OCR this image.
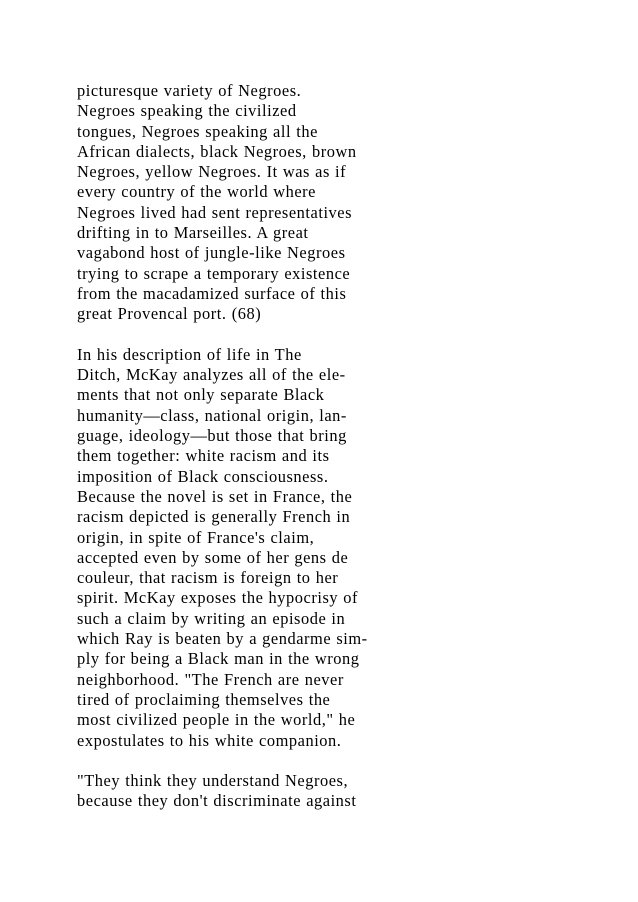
picturesque variety of Negroes.
Negroes speaking the civilized
tongues, Negroes speaking all the
African dialects, black Negroes, brown
Negroes, yellow Negroes. It was as if
every country of the world where
Negroes lived had sent representatives
drifting in to Marseilles. A great
vagabond host of jungle-like Negroes
trying to scrape a temporary existence
from the macadamized surface of this
great Provencal port. (68)
In his description of life in The
Ditch, McKay analyzes all of the ele-
ments that not only separate Black
humanity—class, national origin, lan-
guage, ideology—but those that bring
them together: white racism and its
imposition of Black consciousness.
Because the novel is set in France, the
racism depicted is generally French in
origin, in spite of France's claim,
accepted even by some of her gens de
couleur, that racism is foreign to her
spirit. McKay exposes the hypocrisy of
such a claim by writing an episode in
which Ray is beaten by a gendarme sim-
ply for being a Black man in the wrong
neighborhood. "The French are never
tired of proclaiming themselves the
most civilized people in the world," he
expostulates to his white companion.
"They think they understand Negroes,
because they don't discriminate against
